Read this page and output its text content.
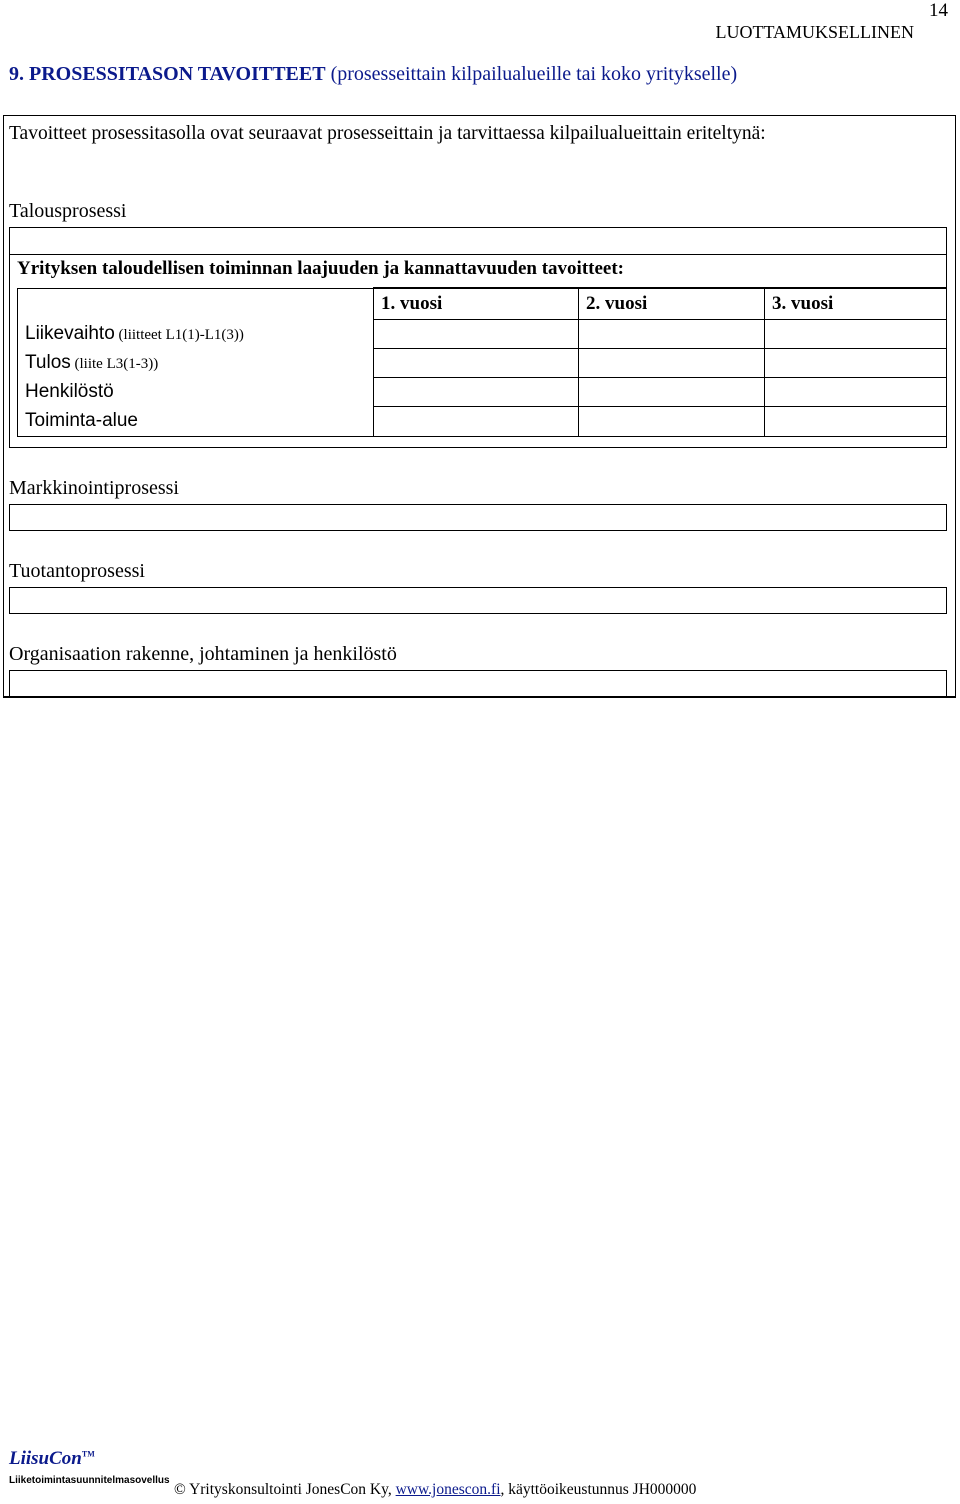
14
LUOTTAMUKSELLINEN
9. PROSESSITASON TAVOITTEET (prosesseittain kilpailualueille tai koko yritykselle)
Tavoitteet prosessitasolla ovat seuraavat prosesseittain ja tarvittaessa kilpailualueittain eriteltynä:
Talousprosessi
Yrityksen taloudellisen toiminnan laajuuden ja kannattavuuden tavoitteet:
	1. vuosi	2. vuosi	3. vuosi
Liikevaihto (liitteet L1(1)-L1(3))			
Tulos (liite L3(1-3))			
Henkilöstö			
Toiminta-alue			
Markkinointiprosessi
Tuotantoprosessi
Organisaation rakenne, johtaminen ja henkilöstö
LiisuCon™
Liiketoimintasuunnitelmasovellus
© Yrityskonsultointi JonesCon Ky, www.jonescon.fi, käyttöoikeustunnus JH000000
